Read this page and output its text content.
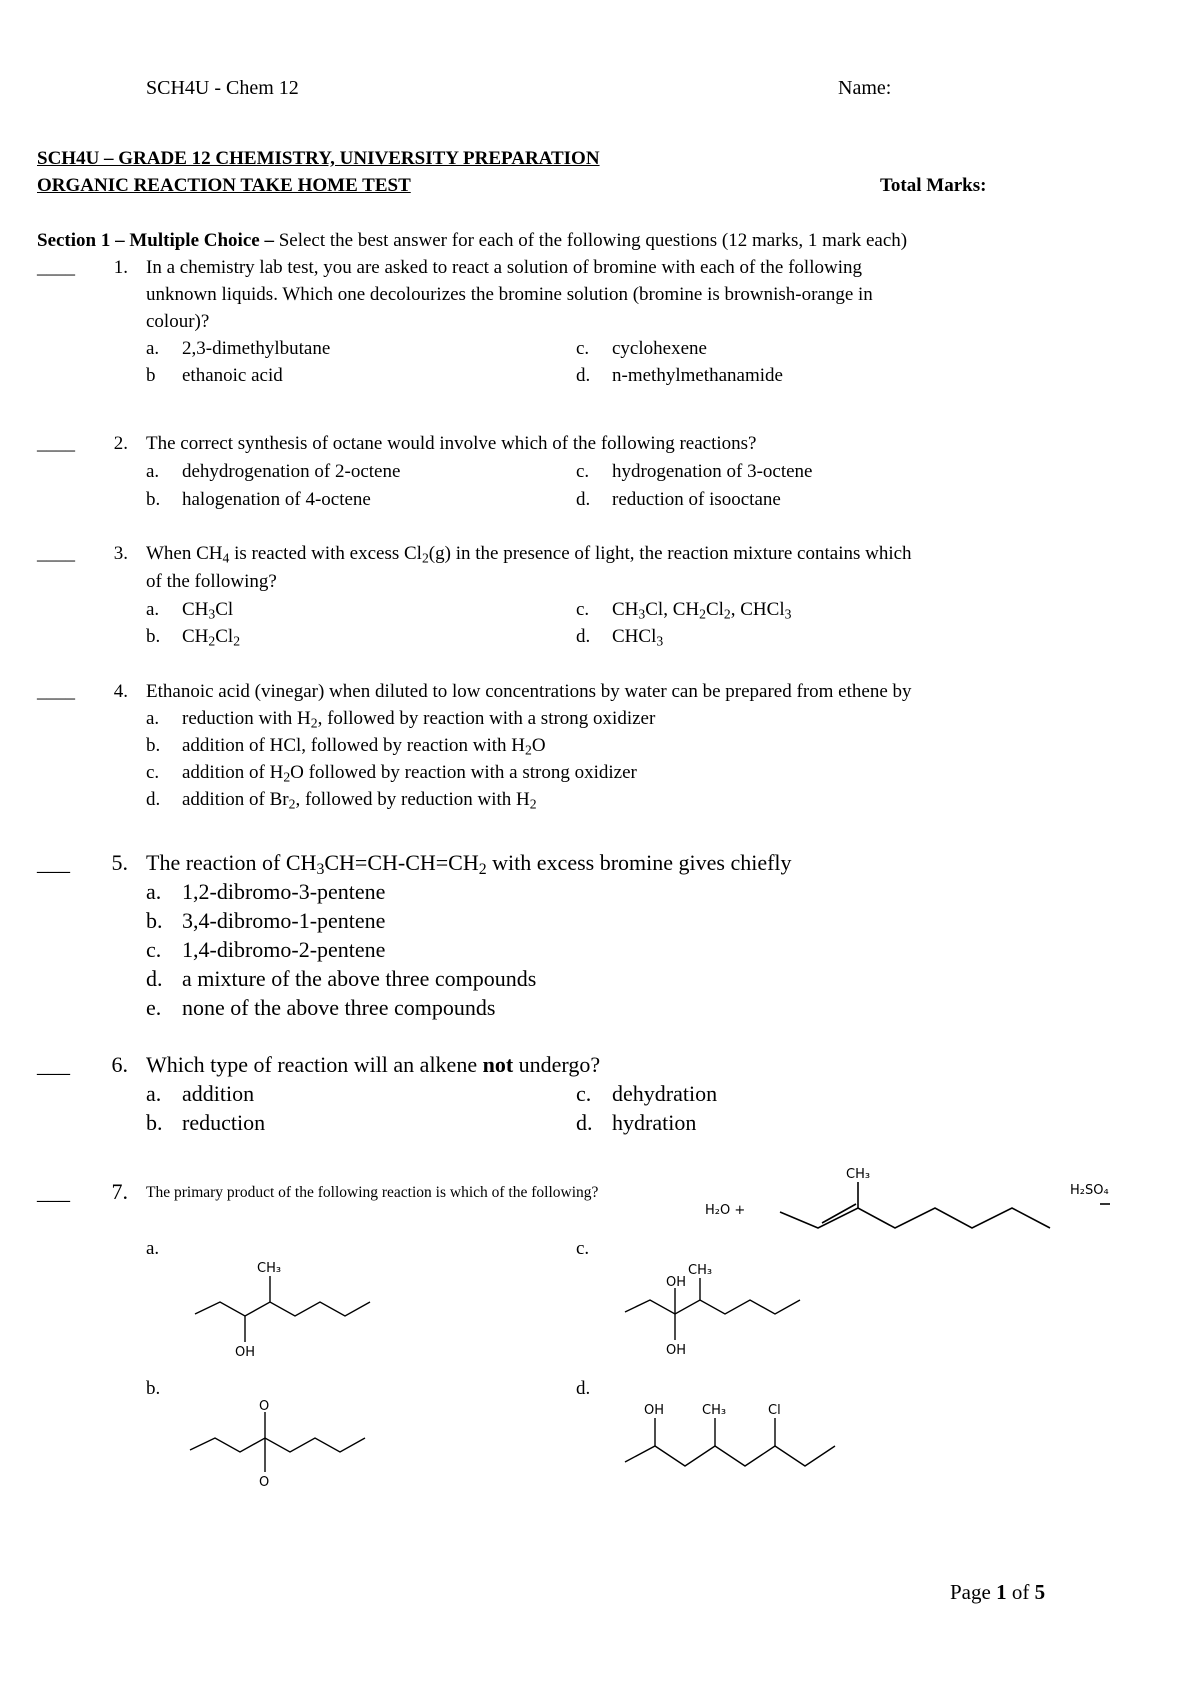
SCH4U - Chem 12	Name:
SCH4U – GRADE 12 CHEMISTRY, UNIVERSITY PREPARATION
ORGANIC REACTION TAKE HOME TEST	Total Marks:
Section 1 – Multiple Choice – Select the best answer for each of the following questions (12 marks, 1 mark each)
____	1. In a chemistry lab test, you are asked to react a solution of bromine with each of the following
unknown liquids. Which one decolourizes the bromine solution (bromine is brownish-orange in
colour)?
a.	2,3-dimethylbutane
b	ethanoic acid
c.	cyclohexene
d.	n-methylmethanamide
____	2. The correct synthesis of octane would involve which of the following reactions?
a.	dehydrogenation of 2-octene
b.	halogenation of 4-octene
c.	hydrogenation of 3-octene
d.	reduction of isooctane
____	3. When $CH_4$ is reacted with excess $Cl_2(g)$ in the presence of light, the reaction mixture contains which
of the following?
a.	$CH_3Cl$
b.	$CH_2Cl_2$
c.	$CH_3Cl$, $CH_2Cl_2$, CHCl$_3$
d.	CHCl$_3$
____	4. Ethanoic acid (vinegar) when diluted to low concentrations by water can be prepared from ethene by
a.	reduction with $H_2$, followed by reaction with a strong oxidizer
b.	addition of HCl, followed by reaction with $H_2O$
c.	addition of $H_2O$ followed by reaction with a strong oxidizer
d.	addition of $Br_2$, followed by reduction with $H_2$
___	5. The reaction of $CH_3CH=CH-CH=CH_2$ with excess bromine gives chiefly
a. 1,2-dibromo-3-pentene
b. 3,4-dibromo-1-pentene
c. 1,4-dibromo-2-pentene
d. a mixture of the above three compounds
e. none of the above three compounds
___	6. Which type of reaction will an alkene not undergo?
a. addition
b. reduction
c. dehydration
d. hydration
___	7. The primary product of the following reaction is which of the following?
H₂O +
CH₃
H₂SO₄
a.
CH₃
OH
c.
OH
OH
CH₃
b.
O
O
d.
OH	CH₃	Cl
Page 1 of 5
